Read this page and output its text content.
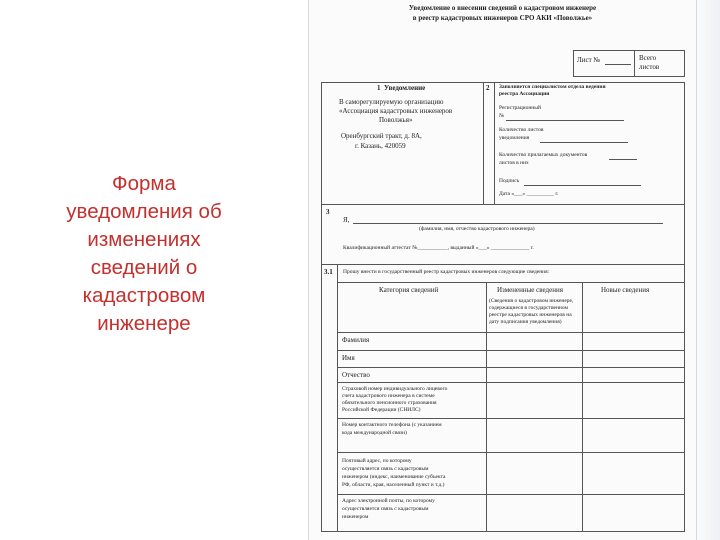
Форма
уведомления об
изменениях
сведений о
кадастровом
инженере
Уведомление о внесении сведений о кадастровом инженере
в реестр кадастровых инженеров СРО АКИ «Поволжье»
Лист №	Всего
листов
1 Уведомление
В саморегулируемую организацию
«Ассоциация кадастровых инженеров
Поволжья»
Оренбургский тракт, д. 8А,
г. Казань, 420059
2 Заполняется специалистом отдела ведения
реестра Ассоциации
Регистрационный
№
Количество листов
уведомления
Количество прилагаемых документов
листов в них
Подпись
Дата «___» __________ г.
3
Я,
(фамилия, имя, отчество кадастрового инженера)
Квалификационный аттестат №___________, выданный «___» ______________ г.
3.1 Прошу внести в государственный реестр кадастровых инженеров следующие сведения:
Категория сведений	Измененные сведения	Новые сведения
(Сведения о кадастровом инженере,
содержащиеся в государственном
реестре кадастровых инженеров на
дату подписания уведомления)
Фамилия
Имя
Отчество
Страховой номер индивидуального лицевого
счета кадастрового инженера в системе
обязательного пенсионного страхования
Российской Федерации (СНИЛС)
Номер контактного телефона (с указанием
кода международной связи)
Почтовый адрес, по которому
осуществляется связь с кадастровым
инженером (индекс, наименование субъекта
РФ, области, края, населенный пункт и т.д.)
Адрес электронной почты, по которому
осуществляется связь с кадастровым
инженером
